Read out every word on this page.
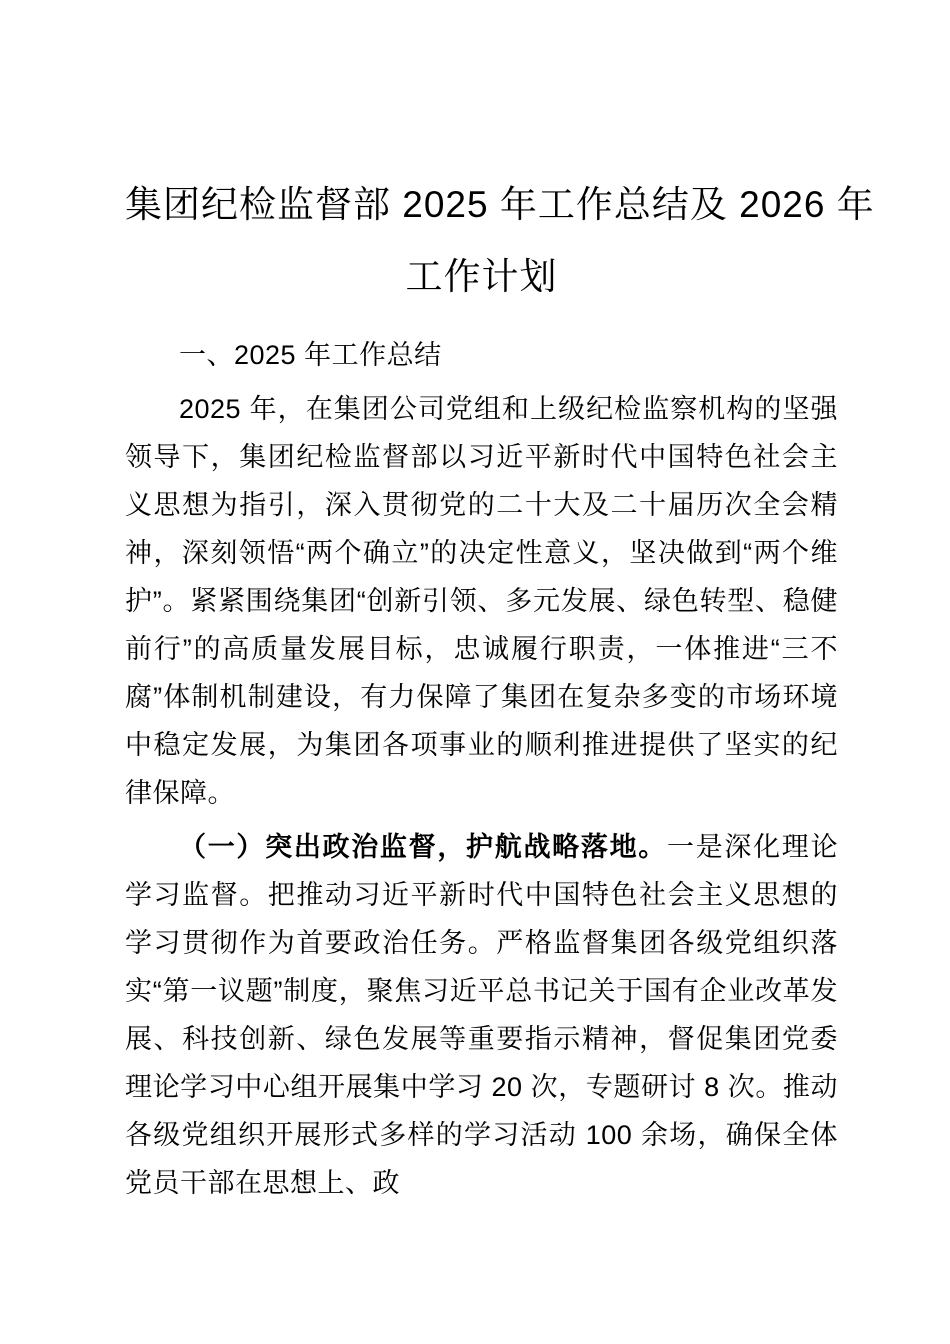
集团纪检监督部 2025 年工作总结及 2026 年
工作计划
一、2025 年工作总结

2025 年，在集团公司党组和上级纪检监察机构的坚强领导下，集团纪检监督部以习近平新时代中国特色社会主义思想为指引，深入贯彻党的二十大及二十届历次全会精神，深刻领悟“两个确立”的决定性意义，坚决做到“两个维护”。紧紧围绕集团“创新引领、多元发展、绿色转型、稳健前行”的高质量发展目标，忠诚履行职责，一体推进“三不腐”体制机制建设，有力保障了集团在复杂多变的市场环境中稳定发展，为集团各项事业的顺利推进提供了坚实的纪律保障。

（一）突出政治监督，护航战略落地。一是深化理论学习监督。把推动习近平新时代中国特色社会主义思想的学习贯彻作为首要政治任务。严格监督集团各级党组织落实“第一议题”制度，聚焦习近平总书记关于国有企业改革发展、科技创新、绿色发展等重要指示精神，督促集团党委理论学习中心组开展集中学习 20 次，专题研讨 8 次。推动各级党组织开展形式多样的学习活动 100 余场，确保全体党员干部在思想上、政
